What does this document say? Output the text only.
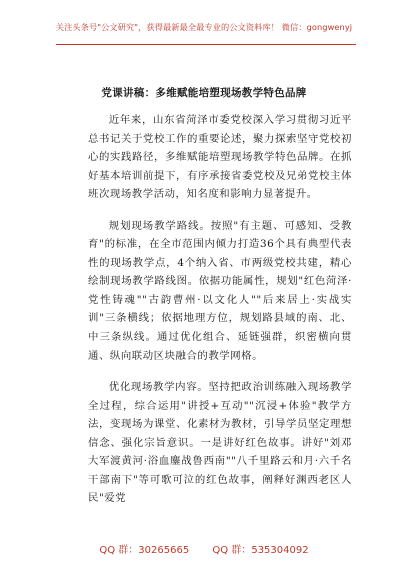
关注头条号"公文研究"，获得最新最全最专业的公文资料库！ 微信：gongwenyj
党课讲稿：多维赋能培塑现场教学特色品牌

近年来，山东省菏泽市委党校深入学习贯彻习近平总书记关于党校工作的重要论述，聚力探索坚守党校初心的实践路径，多维赋能培塑现场教学特色品牌。在抓好基本培训前提下，有序承接省委党校及兄弟党校主体班次现场教学活动，知名度和影响力显著提升。

规划现场教学路线。按照"有主题、可感知、受教育"的标准，在全市范围内倾力打造36个具有典型代表性的现场教学点，4个纳入省、市两级党校共建，精心绘制现场教学路线图。依据功能属性，规划"红色菏泽·党性铸魂""古韵曹州·以文化人""后来居上·实战实训"三条横线；依据地理方位，规划路县域的南、北、中三条纵线。通过优化组合、延链强群，织密横向贯通、纵向联动区块融合的教学网格。

优化现场教学内容。坚持把政治训练融入现场教学全过程，综合运用"讲授+互动""沉浸+体验"教学方法，变现场为课堂、化素材为教材，引导学员坚定理想信念、强化宗旨意识。一是讲好红色故事。讲好"刘邓大军渡黄河·浴血鏖战鲁西南""八千里路云和月·六千名干部南下"等可歌可泣的红色故事，阐释好渊西老区人民"爱党

QQ 群：30265665 QQ 群：535304092
